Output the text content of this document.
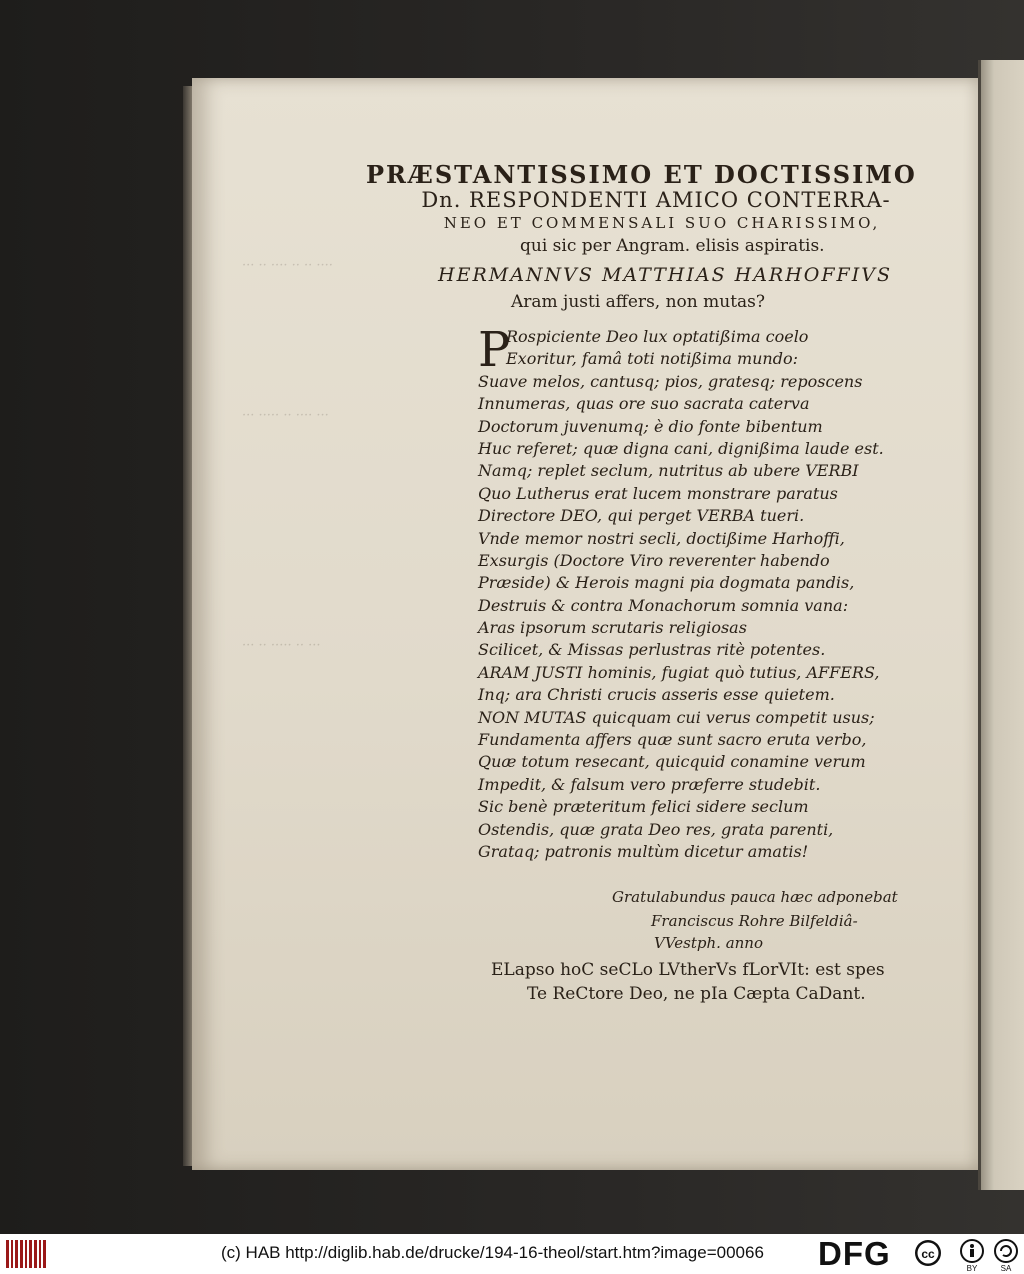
··· ·· ···· ·· ·· ····
··· ····· ·· ···· ···
··· ·· ····· ·· ···
PRÆSTANTISSIMO ET DOCTISSIMO
Dn. RESPONDENTI AMICO CONTERRA-
NEO ET COMMENSALI SUO CHARISSIMO,
qui sic per Angram. elisis aspiratis.
HERMANNVS MATTHIAS HARHOFFIVS
Aram justi affers, non mutas?
P
Rospiciente Deo lux optatißima coelo
Exoritur, famâ toti notißima mundo:
Suave melos, cantusq; pios, gratesq; reposcens
Innumeras, quas ore suo sacrata caterva
Doctorum juvenumq; è dio fonte bibentum
Huc referet; quæ digna cani, dignißima laude est.
Namq; replet seclum, nutritus ab ubere VERBI
Quo Lutherus erat lucem monstrare paratus
Directore DEO, qui perget VERBA tueri.
Vnde memor nostri secli, doctißime Harhoffi,
Exsurgis (Doctore Viro reverenter habendo
Præside) & Herois magni pia dogmata pandis,
Destruis & contra Monachorum somnia vana:
Aras ipsorum scrutaris religiosas
Scilicet, & Missas perlustras ritè potentes.
ARAM JUSTI hominis, fugiat quò tutius, AFFERS,
Inq; ara Christi crucis asseris esse quietem.
NON MUTAS quicquam cui verus competit usus;
Fundamenta affers quæ sunt sacro eruta verbo,
Quæ totum resecant, quicquid conamine verum
Impedit, & falsum vero præferre studebit.
Sic benè præteritum felici sidere seclum
Ostendis, quæ grata Deo res, grata parenti,
Grataq; patronis multùm dicetur amatis!
Gratulabundus pauca hæc adponebat
Franciscus Rohre Bilfeldiâ-
VVestph. anno
ELapso hoC seCLo LVtherVs fLorVIt: est spes
Te ReCtore Deo, ne pIa Cæpta CaDant.
(c) HAB http://diglib.hab.de/drucke/194-16-theol/start.htm?image=00066 DFG	cc
BY	SA
